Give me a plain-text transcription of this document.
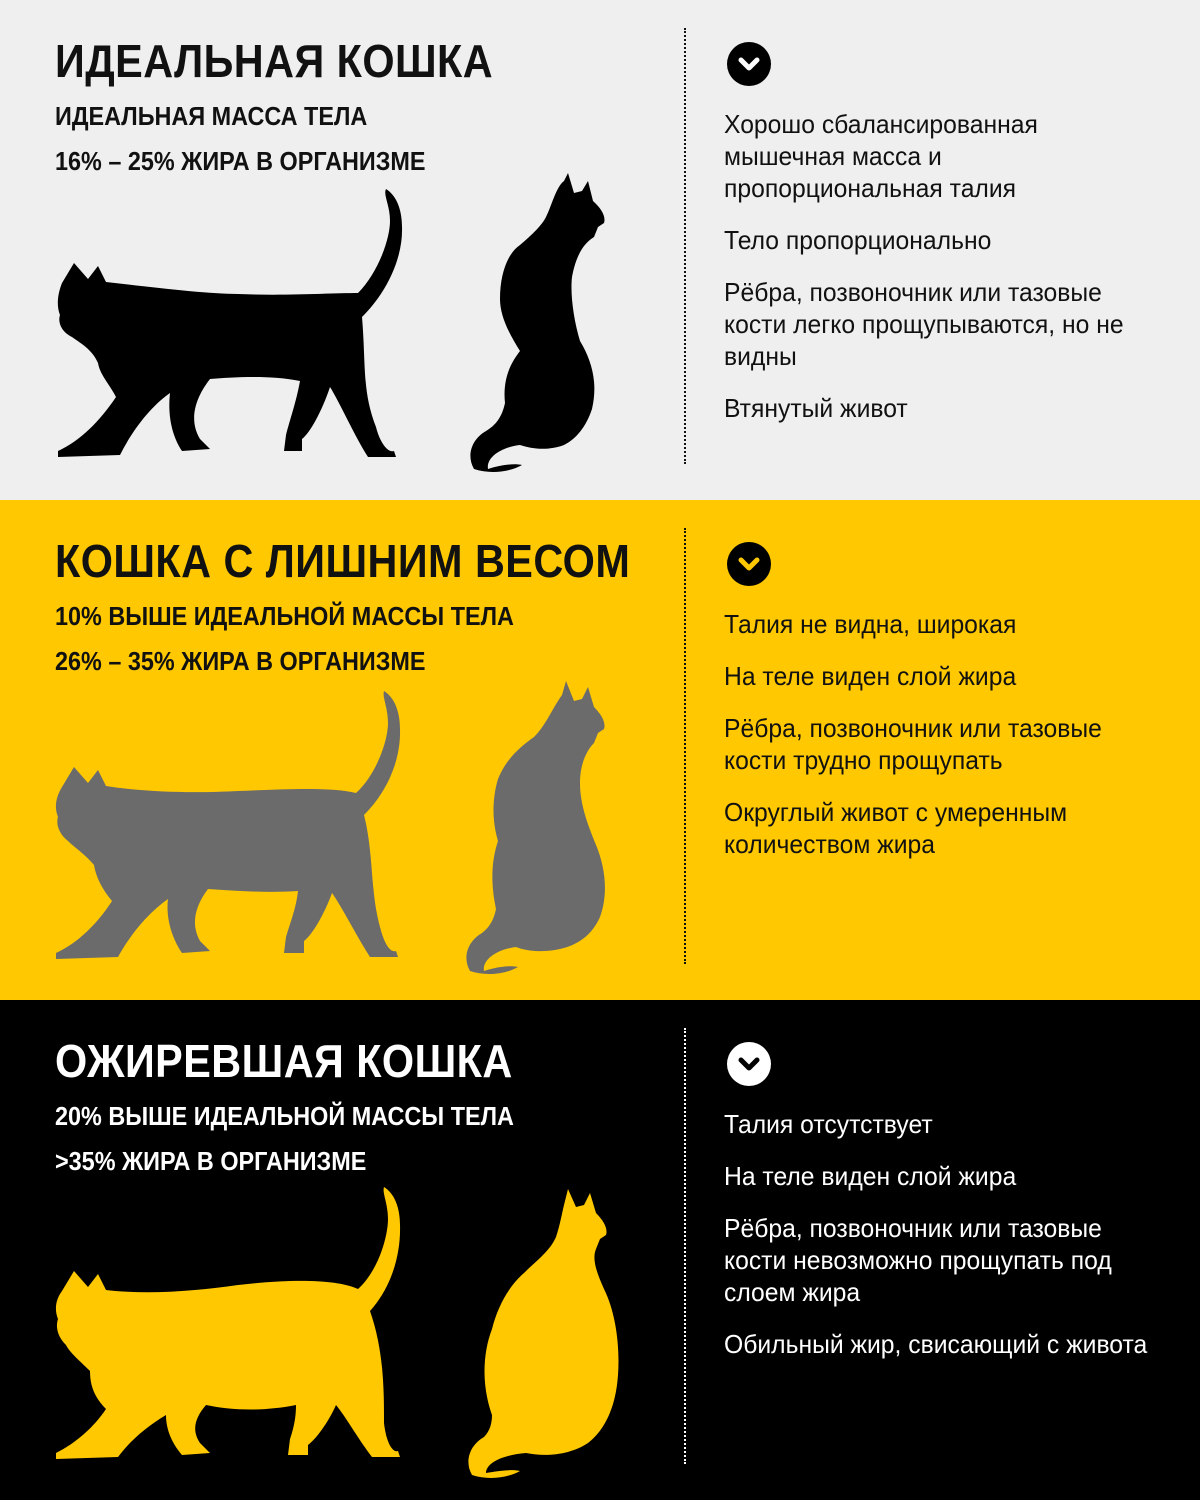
ИДЕАЛЬНАЯ КОШКА
ИДЕАЛЬНАЯ МАССА ТЕЛА
16% – 25% ЖИРА В ОРГАНИЗМЕ
Хорошо сбалансированная мышечная масса и пропорциональная талия
Тело пропорционально
Рёбра, позвоночник или тазовые кости легко прощупываются, но не видны
Втянутый живот
КОШКА С ЛИШНИМ ВЕСОМ
10% ВЫШЕ ИДЕАЛЬНОЙ МАССЫ ТЕЛА
26% – 35% ЖИРА В ОРГАНИЗМЕ
Талия не видна, широкая
На теле виден слой жира
Рёбра, позвоночник или тазовые кости трудно прощупать
Округлый живот с умеренным количеством жира
ОЖИРЕВШАЯ КОШКА
20% ВЫШЕ ИДЕАЛЬНОЙ МАССЫ ТЕЛА
>35% ЖИРА В ОРГАНИЗМЕ
Талия отсутствует
На теле виден слой жира
Рёбра, позвоночник или тазовые кости невозможно прощупать под слоем жира
Обильный жир, свисающий с живота
